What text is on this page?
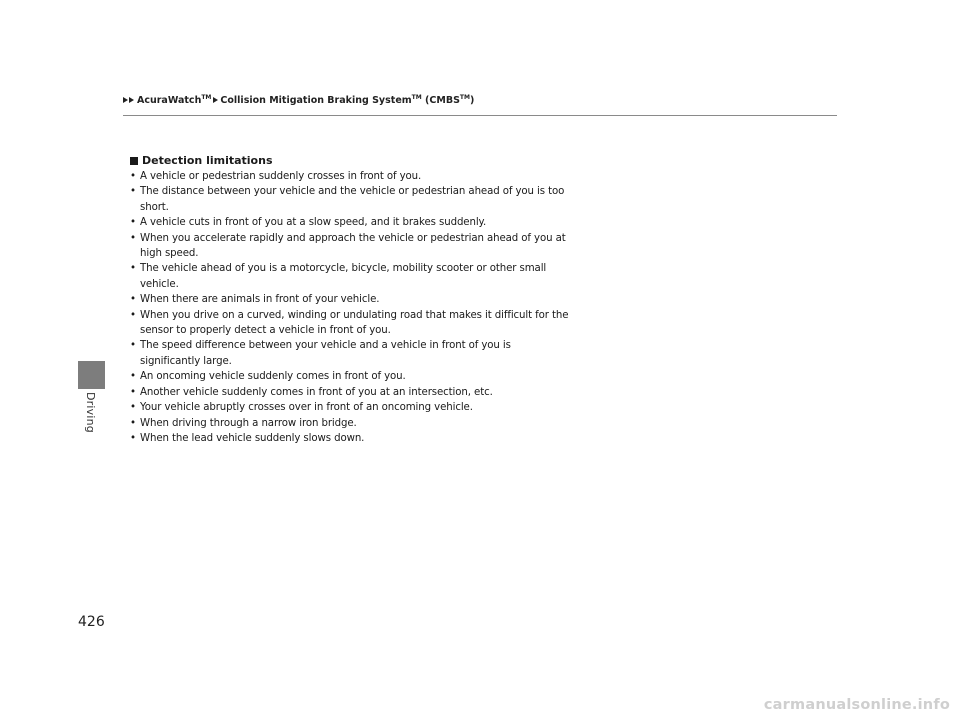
AcuraWatch™ Collision Mitigation Braking System™ (CMBS™)
Driving
Detection limitations
• A vehicle or pedestrian suddenly crosses in front of you.
• The distance between your vehicle and the vehicle or pedestrian ahead of you is too short.
• A vehicle cuts in front of you at a slow speed, and it brakes suddenly.
• When you accelerate rapidly and approach the vehicle or pedestrian ahead of you at high speed.
• The vehicle ahead of you is a motorcycle, bicycle, mobility scooter or other small vehicle.
• When there are animals in front of your vehicle.
• When you drive on a curved, winding or undulating road that makes it difficult for the sensor to properly detect a vehicle in front of you.
• The speed difference between your vehicle and a vehicle in front of you is significantly large.
• An oncoming vehicle suddenly comes in front of you.
• Another vehicle suddenly comes in front of you at an intersection, etc.
• Your vehicle abruptly crosses over in front of an oncoming vehicle.
• When driving through a narrow iron bridge.
• When the lead vehicle suddenly slows down.
426
carmanualsonline.info
